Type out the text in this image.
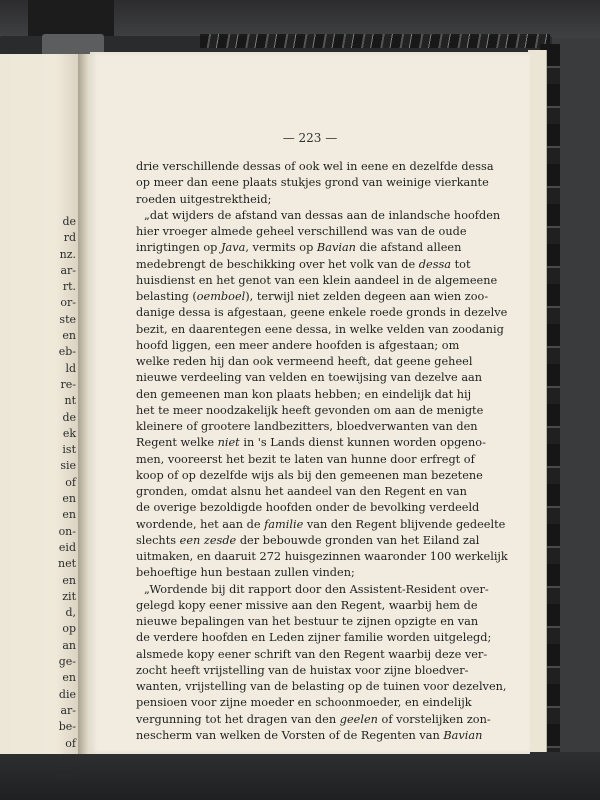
de
rd
nz.
ar-
rt.
or-
ste
en
eb-
ld
re-
nt
de
ek
ist
sie
of
en
en
on-
eid
net
en
zit
d,
op
an
ge-
en
die
ar-
be-
of
nd
gen
— 223 —
drie verschillende dessas of ook wel in eene en dezelfde dessa
op meer dan eene plaats stukjes grond van weinige vierkante
roeden uitgestrektheid;
„dat wijders de afstand van dessas aan de inlandsche hoofden
hier vroeger almede geheel verschillend was van de oude
inrigtingen op Java, vermits op Bavian die afstand alleen
medebrengt de beschikking over het volk van de dessa tot
huisdienst en het genot van een klein aandeel in de algemeene
belasting (oemboel), terwijl niet zelden degeen aan wien zoo-
danige dessa is afgestaan, geene enkele roede gronds in dezelve
bezit, en daarentegen eene dessa, in welke velden van zoodanig
hoofd liggen, een meer andere hoofden is afgestaan; om
welke reden hij dan ook vermeend heeft, dat geene geheel
nieuwe verdeeling van velden en toewijsing van dezelve aan
den gemeenen man kon plaats hebben; en eindelijk dat hij
het te meer noodzakelijk heeft gevonden om aan de menigte
kleinere of grootere landbezitters, bloedverwanten van den
Regent welke niet in 's Lands dienst kunnen worden opgeno-
men, vooreerst het bezit te laten van hunne door erfregt of
koop of op dezelfde wijs als bij den gemeenen man bezetene
gronden, omdat alsnu het aandeel van den Regent en van
de overige bezoldigde hoofden onder de bevolking verdeeld
wordende, het aan de familie van den Regent blijvende gedeelte
slechts een zesde der bebouwde gronden van het Eiland zal
uitmaken, en daaruit 272 huisgezinnen waaronder 100 werkelijk
behoeftige hun bestaan zullen vinden;
„Wordende bij dit rapport door den Assistent-Resident over-
gelegd kopy eener missive aan den Regent, waarbij hem de
nieuwe bepalingen van het bestuur te zijnen opzigte en van
de verdere hoofden en Leden zijner familie worden uitgelegd;
alsmede kopy eener schrift van den Regent waarbij deze ver-
zocht heeft vrijstelling van de huistax voor zijne bloedver-
wanten, vrijstelling van de belasting op de tuinen voor dezelven,
pensioen voor zijne moeder en schoonmoeder, en eindelijk
vergunning tot het dragen van den geelen of vorstelijken zon-
nescherm van welken de Vorsten of de Regenten van Bavian
